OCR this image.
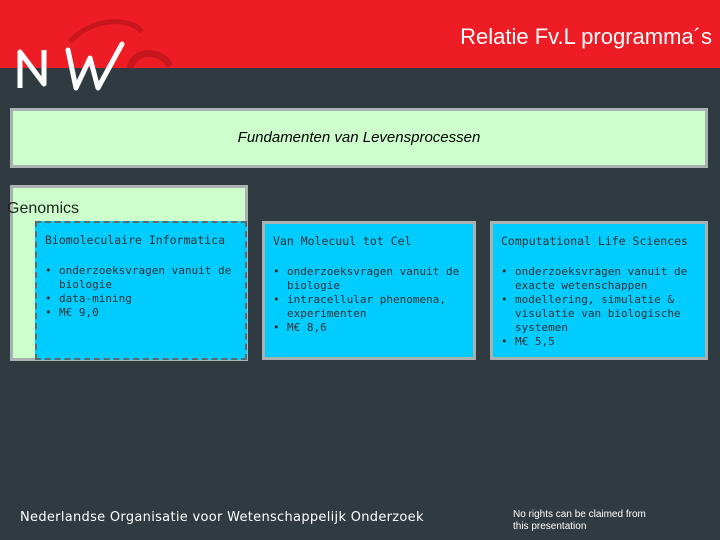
Relatie Fv.L programma´s
Fundamenten van Levensprocessen
Genomics
Biomoleculaire Informatica
• onderzoeksvragen vanuit de biologie
• data-mining
• M€ 9,0
Van Molecuul tot Cel
• onderzoeksvragen vanuit de biologie
• intracellular phenomena, experimenten
• M€ 8,6
Computational Life Sciences
• onderzoeksvragen vanuit de exacte wetenschappen
• modellering, simulatie & visulatie van biologische systemen
• M€ 5,5
Nederlandse Organisatie voor Wetenschappelijk Onderzoek	No rights can be claimed from this presentation
